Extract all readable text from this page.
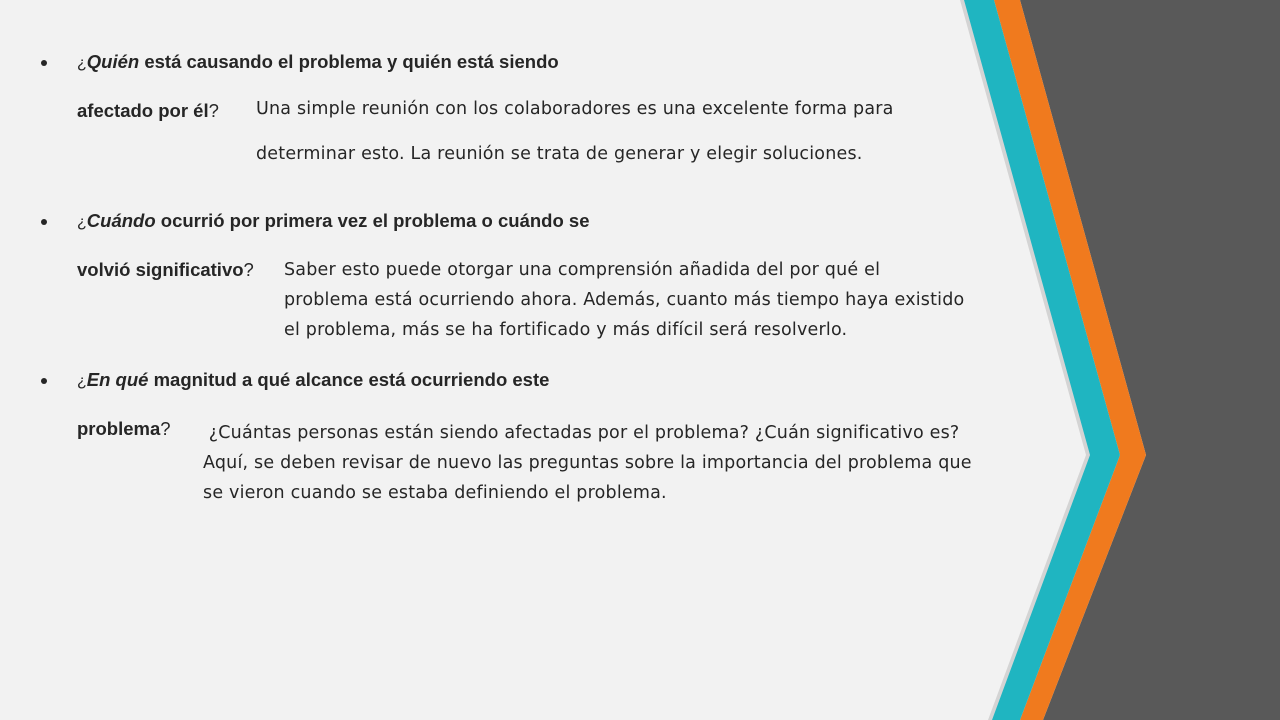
¿Quién está causando el problema y quién está siendo
afectado por él?	Una simple reunión con los colaboradores es una excelente forma para
determinar esto. La reunión se trata de generar y elegir soluciones.
¿Cuándo ocurrió por primera vez el problema o cuándo se
volvió significativo?	Saber esto puede otorgar una comprensión añadida del por qué el
problema está ocurriendo ahora. Además, cuanto más tiempo haya existido
el problema, más se ha fortificado y más difícil será resolverlo.
¿En qué magnitud a qué alcance está ocurriendo este
problema?	¿Cuántas personas están siendo afectadas por el problema? ¿Cuán significativo es?
Aquí, se deben revisar de nuevo las preguntas sobre la importancia del problema que
se vieron cuando se estaba definiendo el problema.
